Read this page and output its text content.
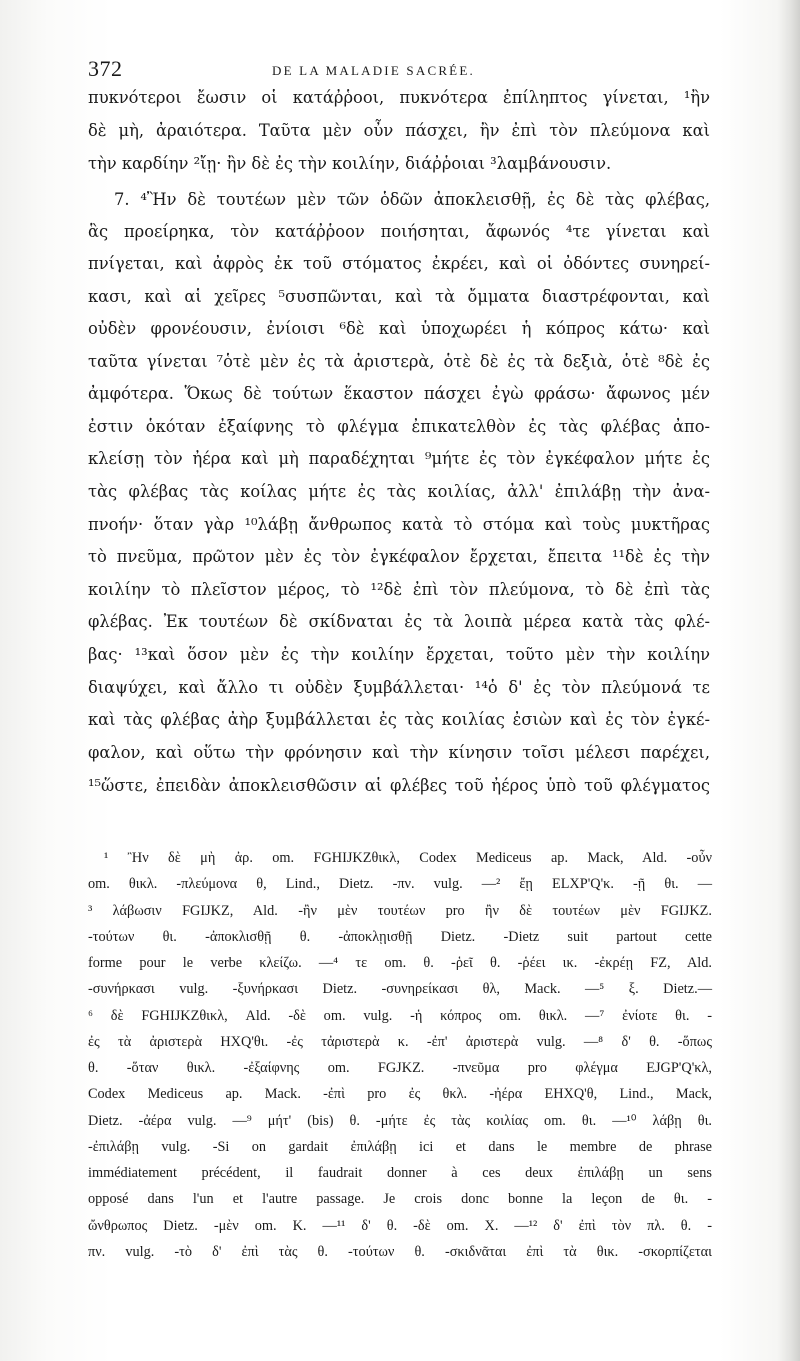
372	DE LA MALADIE SACRÉE.
πυκνότεροι ἔωσιν οἱ κατάῤῥοοι, πυκνότερα ἐπίληπτος γίνεται, ¹ἢν
δὲ μὴ, ἀραιότερα. Ταῦτα μὲν οὖν πάσχει, ἢν ἐπὶ τὸν πλεύμονα καὶ
τὴν καρδίην ²ἴῃ· ἢν δὲ ἐς τὴν κοιλίην, διάῤῥοιαι ³λαμβάνουσιν.
7. ⁴Ἢν δὲ τουτέων μὲν τῶν ὁδῶν ἀποκλεισθῇ, ἐς δὲ τὰς φλέβας,
ἃς προείρηκα, τὸν κατάῤῥοον ποιήσηται, ἄφωνός ⁴τε γίνεται καὶ
πνίγεται, καὶ ἀφρὸς ἐκ τοῦ στόματος ἐκρέει, καὶ οἱ ὀδόντες συνηρεί-
κασι, καὶ αἱ χεῖρες ⁵συσπῶνται, καὶ τὰ ὄμματα διαστρέφονται, καὶ
οὐδὲν φρονέουσιν, ἐνίοισι ⁶δὲ καὶ ὑποχωρέει ἡ κόπρος κάτω· καὶ
ταῦτα γίνεται ⁷ὁτὲ μὲν ἐς τὰ ἀριστερὰ, ὁτὲ δὲ ἐς τὰ δεξιὰ, ὁτὲ ⁸δὲ ἐς
ἀμφότερα. Ὅκως δὲ τούτων ἕκαστον πάσχει ἐγὼ φράσω· ἄφωνος μέν
ἐστιν ὁκόταν ἐξαίφνης τὸ φλέγμα ἐπικατελθὸν ἐς τὰς φλέβας ἀπο-
κλείσῃ τὸν ἠέρα καὶ μὴ παραδέχηται ⁹μήτε ἐς τὸν ἐγκέφαλον μήτε ἐς
τὰς φλέβας τὰς κοίλας μήτε ἐς τὰς κοιλίας, ἀλλ' ἐπιλάβῃ τὴν ἀνα-
πνοήν· ὅταν γὰρ ¹⁰λάβῃ ἄνθρωπος κατὰ τὸ στόμα καὶ τοὺς μυκτῆρας
τὸ πνεῦμα, πρῶτον μὲν ἐς τὸν ἐγκέφαλον ἔρχεται, ἔπειτα ¹¹δὲ ἐς τὴν
κοιλίην τὸ πλεῖστον μέρος, τὸ ¹²δὲ ἐπὶ τὸν πλεύμονα, τὸ δὲ ἐπὶ τὰς
φλέβας. Ἐκ τουτέων δὲ σκίδναται ἐς τὰ λοιπὰ μέρεα κατὰ τὰς φλέ-
βας· ¹³καὶ ὅσον μὲν ἐς τὴν κοιλίην ἔρχεται, τοῦτο μὲν τὴν κοιλίην
διαψύχει, καὶ ἄλλο τι οὐδὲν ξυμβάλλεται· ¹⁴ὁ δ' ἐς τὸν πλεύμονά τε
καὶ τὰς φλέβας ἀὴρ ξυμβάλλεται ἐς τὰς κοιλίας ἐσιὼν καὶ ἐς τὸν ἐγκέ-
φαλον, καὶ οὕτω τὴν φρόνησιν καὶ τὴν κίνησιν τοῖσι μέλεσι παρέχει,
¹⁵ὥστε, ἐπειδὰν ἀποκλεισθῶσιν αἱ φλέβες τοῦ ἠέρος ὑπὸ τοῦ φλέγματος
¹ Ἢν δὲ μὴ ἀρ. om. FGHIJKZθικλ, Codex Mediceus ap. Mack, Ald. -οὖν
om. θικλ. -πλεύμονα θ, Lind., Dietz. -πν. vulg. —² ἔῃ ELXP'Q'κ. -ῇ θι. —
³ λάβωσιν FGIJKZ, Ald. -ἢν μὲν τουτέων pro ἢν δὲ τουτέων μὲν FGIJKZ.
-τούτων θι. -ἀποκλισθῇ θ. -ἀποκλῃισθῇ Dietz. -Dietz suit partout cette
forme pour le verbe κλείζω. —⁴ τε om. θ. -ῥεῖ θ. -ῥέει ικ. -ἐκρέῃ FZ, Ald.
-συνήρκασι vulg. -ξυνήρκασι Dietz. -συνηρείκασι θλ, Mack. —⁵ ξ. Dietz.—
⁶ δὲ FGHIJKZθικλ, Ald. -δὲ om. vulg. -ἡ κόπρος om. θικλ. —⁷ ἐνίοτε θι. -
ἐς τὰ ἀριστερὰ HXQ'θι. -ἐς τἀριστερὰ κ. -ἐπ' ἀριστερὰ vulg. —⁸ δ' θ. -ὅπως
θ. -ὅταν θικλ. -ἐξαίφνης om. FGJKZ. -πνεῦμα pro φλέγμα EJGP'Q'κλ,
Codex Mediceus ap. Mack. -ἐπὶ pro ἐς θκλ. -ἠέρα EHXQ'θ, Lind., Mack,
Dietz. -ἀέρα vulg. —⁹ μήτ' (bis) θ. -μήτε ἐς τὰς κοιλίας om. θι. —¹⁰ λάβῃ θι.
-ἐπιλάβῃ vulg. -Si on gardait ἐπιλάβῃ ici et dans le membre de phrase
immédiatement précédent, il faudrait donner à ces deux ἐπιλάβῃ un sens
opposé dans l'un et l'autre passage. Je crois donc bonne la leçon de θι. -
ὤνθρωπος Dietz. -μὲν om. K. —¹¹ δ' θ. -δὲ om. X. —¹² δ' ἐπὶ τὸν πλ. θ. -
πν. vulg. -τὸ δ' ἐπὶ τὰς θ. -τούτων θ. -σκιδνᾶται ἐπὶ τὰ θικ. -σκορπίζεται
